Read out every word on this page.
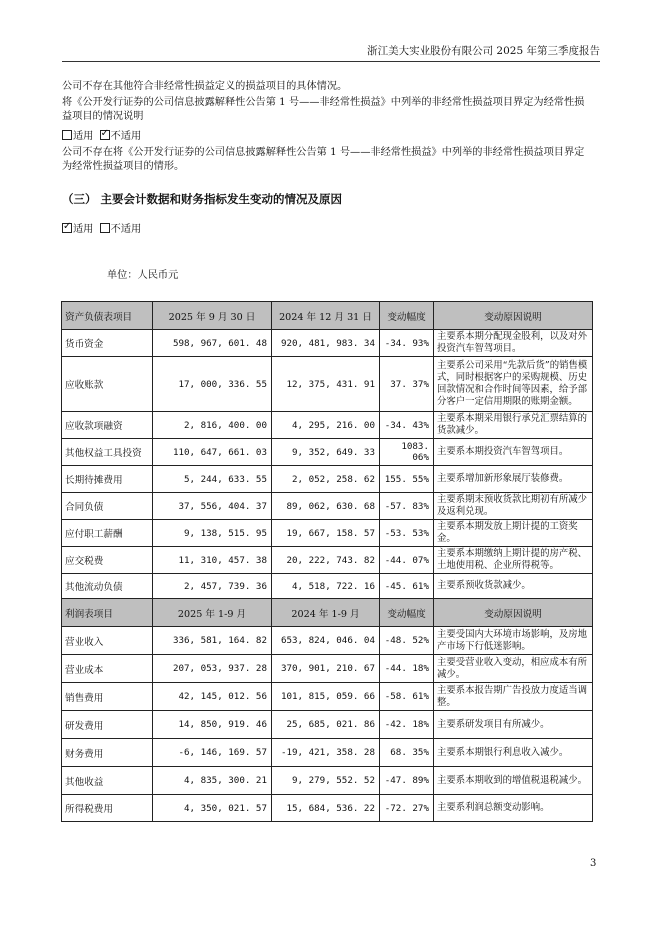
浙江美大实业股份有限公司 2025 年第三季度报告

公司不存在其他符合非经常性损益定义的损益项目的具体情况。

将《公开发行证券的公司信息披露解释性公告第 1 号——非经常性损益》中列举的非经常性损益项目界定为经常性损益项目的情况说明

适用 ✓ 不适用

公司不存在将《公开发行证券的公司信息披露解释性公告第 1 号——非经常性损益》中列举的非经常性损益项目界定为经常性损益项目的情形。

（三） 主要会计数据和财务指标发生变动的情况及原因
✓ 适用 不适用
单位：人民币元
资产负债表项目	2025 年 9 月 30 日	2024 年 12 月 31 日	变动幅度	变动原因说明
货币资金	598, 967, 601. 48	920, 481, 983. 34	-34. 93%	主要系本期分配现金股利，以及对外投资汽车智驾项目。
应收账款	17, 000, 336. 55	12, 375, 431. 91	37. 37%	主要系公司采用“先款后货”的销售模式，同时根据客户的采购规模、历史回款情况和合作时间等因素，给予部分客户一定信用期限的账期金额。
应收款项融资	2, 816, 400. 00	4, 295, 216. 00	-34. 43%	主要系本期采用银行承兑汇票结算的货款减少。
其他权益工具投资	110, 647, 661. 03	9, 352, 649. 33	1083. 06%	主要系本期投资汽车智驾项目。
长期待摊费用	5, 244, 633. 55	2, 052, 258. 62	155. 55%	主要系增加新形象展厅装修费。
合同负债	37, 556, 404. 37	89, 062, 630. 68	-57. 83%	主要系期末预收货款比期初有所减少及返利兑现。
应付职工薪酬	9, 138, 515. 95	19, 667, 158. 57	-53. 53%	主要系本期发放上期计提的工资奖金。
应交税费	11, 310, 457. 38	20, 222, 743. 82	-44. 07%	主要系本期缴纳上期计提的房产税、土地使用税、企业所得税等。
其他流动负债	2, 457, 739. 36	4, 518, 722. 16	-45. 61%	主要系预收货款减少。
利润表项目	2025 年 1-9 月	2024 年 1-9 月	变动幅度	变动原因说明
营业收入	336, 581, 164. 82	653, 824, 046. 04	-48. 52%	主要受国内大环境市场影响，及房地产市场下行低迷影响。
营业成本	207, 053, 937. 28	370, 901, 210. 67	-44. 18%	主要受营业收入变动，相应成本有所减少。
销售费用	42, 145, 012. 56	101, 815, 059. 66	-58. 61%	主要系本报告期广告投放力度适当调整。
研发费用	14, 850, 919. 46	25, 685, 021. 86	-42. 18%	主要系研发项目有所减少。
财务费用	-6, 146, 169. 57	-19, 421, 358. 28	68. 35%	主要系本期银行利息收入减少。
其他收益	4, 835, 300. 21	9, 279, 552. 52	-47. 89%	主要系本期收到的增值税退税减少。
所得税费用	4, 350, 021. 57	15, 684, 536. 22	-72. 27%	主要系利润总额变动影响。
3
